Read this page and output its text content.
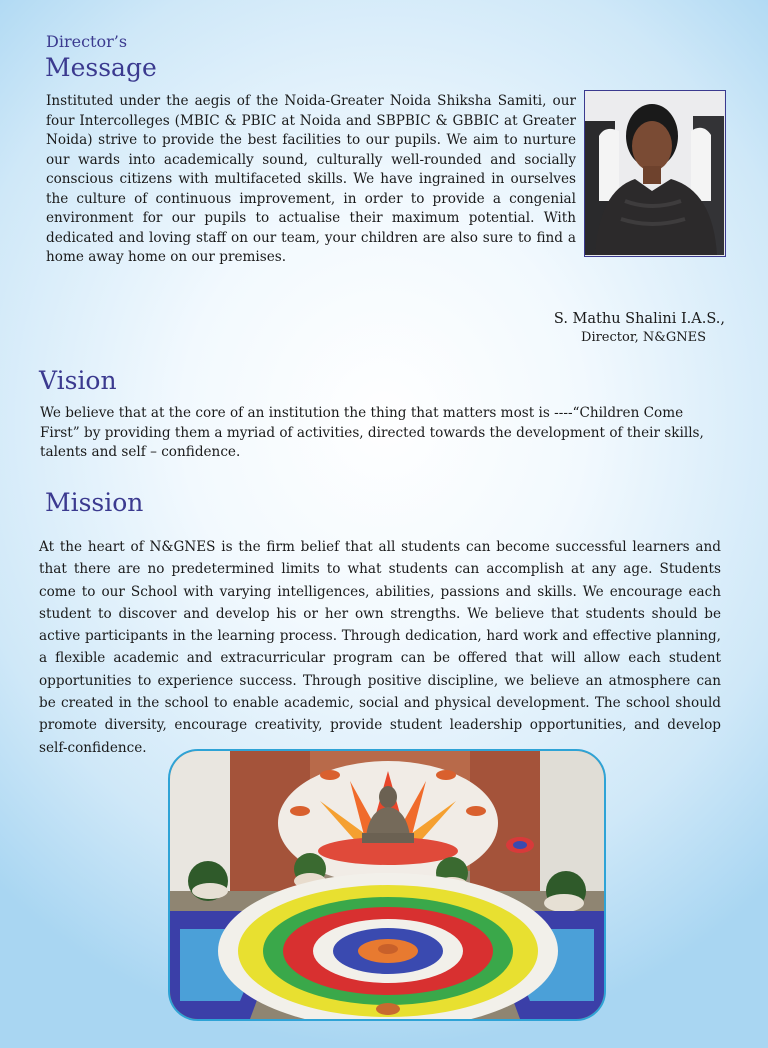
Director’s
Message

Instituted under the aegis of the Noida-Greater Noida Shiksha Samiti, our four Intercolleges (MBIC & PBIC at Noida and SBPBIC & GBBIC at Greater Noida) strive to provide the best facilities to our pupils. We aim to nurture our wards into academically sound, culturally well-rounded and socially conscious citizens with multifaceted skills. We have ingrained in ourselves the culture of continuous improvement, in order to provide a congenial environment for our pupils to actualise their maximum potential. With dedicated and loving staff on our team, your children are also sure to find a home away home on our premises.

S. Mathu Shalini I.A.S.,
Director, N&GNES
Vision

We believe that at the core of an institution the thing that matters most is ----“Children Come First” by providing them a myriad of activities, directed towards the development of their skills, talents and self – confidence.

Mission

At the heart of N&GNES is the firm belief that all students can become successful learners and that there are no predetermined limits to what students can accomplish at any age. Students come to our School with varying intelligences, abilities, passions and skills. We encourage each student to discover and develop his or her own strengths. We believe that students should be active participants in the learning process. Through dedication, hard work and effective planning, a flexible academic and extracurricular program can be offered that will allow each student opportunities to experience success. Through positive discipline, we believe an atmosphere can be created in the school to enable academic, social and physical development. The school should promote diversity, encourage creativity, provide student leadership opportunities, and develop self-confidence.
